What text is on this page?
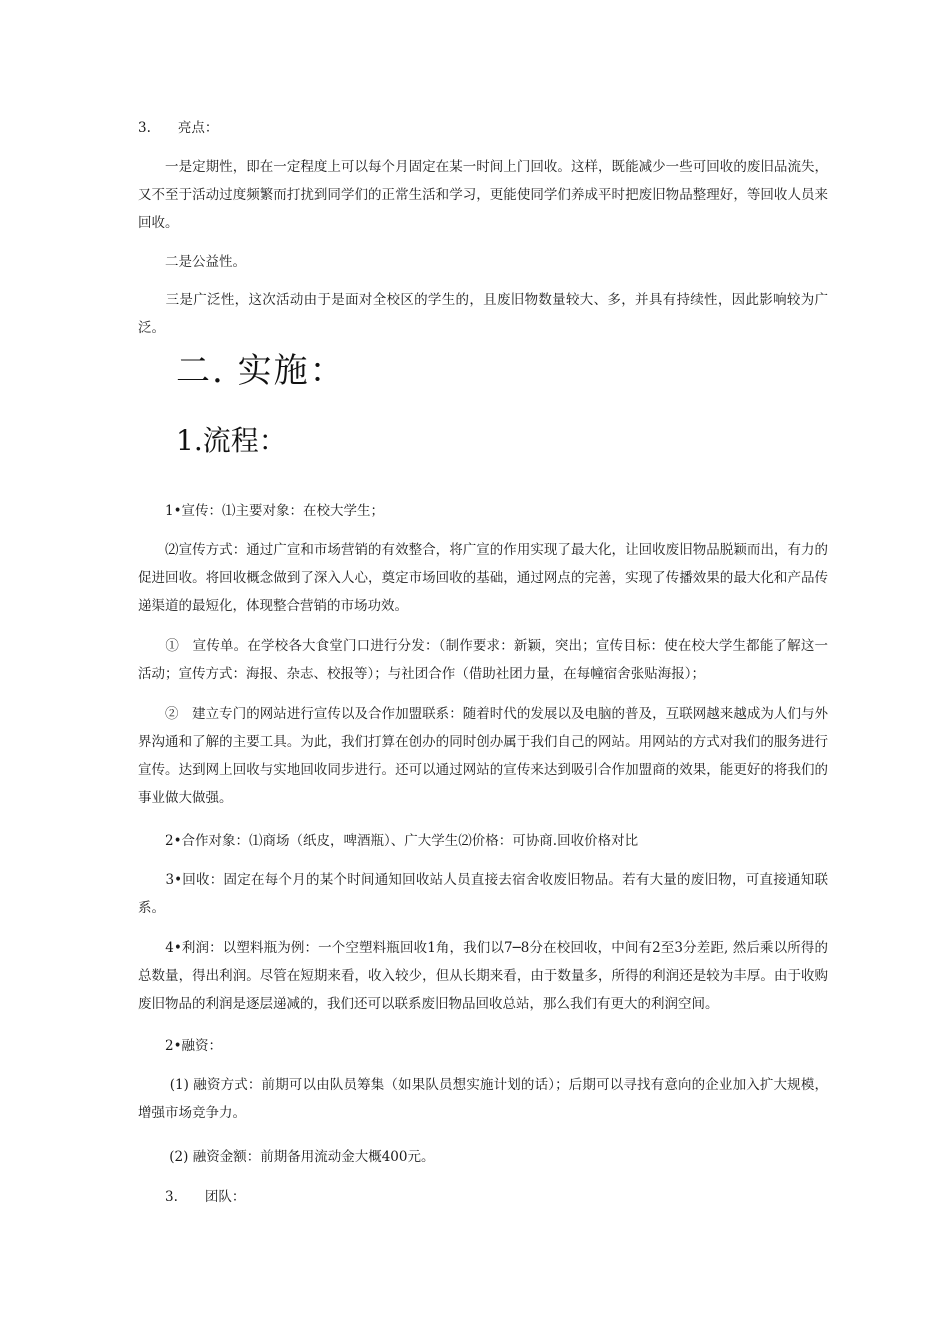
3.　　亮点：

　　一是定期性，即在一定程度上可以每个月固定在某一时间上门回收。这样，既能减少一些可回收的废旧品流失，又不至于活动过度频繁而打扰到同学们的正常生活和学习，更能使同学们养成平时把废旧物品整理好，等回收人员来回收。

　　二是公益性。

　　三是广泛性，这次活动由于是面对全校区的学生的，且废旧物数量较大、多，并具有持续性，因此影响较为广泛。

二. 实施：
1.流程：

　　1•宣传：⑴主要对象：在校大学生；

　　⑵宣传方式：通过广宣和市场营销的有效整合，将广宣的作用实现了最大化，让回收废旧物品脱颖而出，有力的促进回收。将回收概念做到了深入人心，奠定市场回收的基础，通过网点的完善，实现了传播效果的最大化和产品传递渠道的最短化，体现整合营销的市场功效。

　　①　宣传单。在学校各大食堂门口进行分发：（制作要求：新颖，突出；宣传目标：使在校大学生都能了解这一活动；宣传方式：海报、杂志、校报等）；与社团合作（借助社团力量，在每幢宿舍张贴海报）；

　　②　建立专门的网站进行宣传以及合作加盟联系：随着时代的发展以及电脑的普及，互联网越来越成为人们与外界沟通和了解的主要工具。为此，我们打算在创办的同时创办属于我们自己的网站。用网站的方式对我们的服务进行宣传。达到网上回收与实地回收同步进行。还可以通过网站的宣传来达到吸引合作加盟商的效果，能更好的将我们的事业做大做强。

　　2•合作对象：⑴商场（纸皮，啤酒瓶）、广大学生⑵价格：可协商.回收价格对比

　　3•回收：固定在每个月的某个时间通知回收站人员直接去宿舍收废旧物品。若有大量的废旧物，可直接通知联系。

　　4•利润：以塑料瓶为例：一个空塑料瓶回收1角，我们以7─8分在校回收，中间有2至3分差距, 然后乘以所得的总数量，得出利润。尽管在短期来看，收入较少，但从长期来看，由于数量多，所得的利润还是较为丰厚。由于收购废旧物品的利润是逐层递减的，我们还可以联系废旧物品回收总站，那么我们有更大的利润空间。

　　2•融资：

　　 (1) 融资方式：前期可以由队员筹集（如果队员想实施计划的话）；后期可以寻找有意向的企业加入扩大规模，增强市场竞争力。

　　 (2) 融资金额：前期备用流动金大概400元。

　　3.　　团队：
